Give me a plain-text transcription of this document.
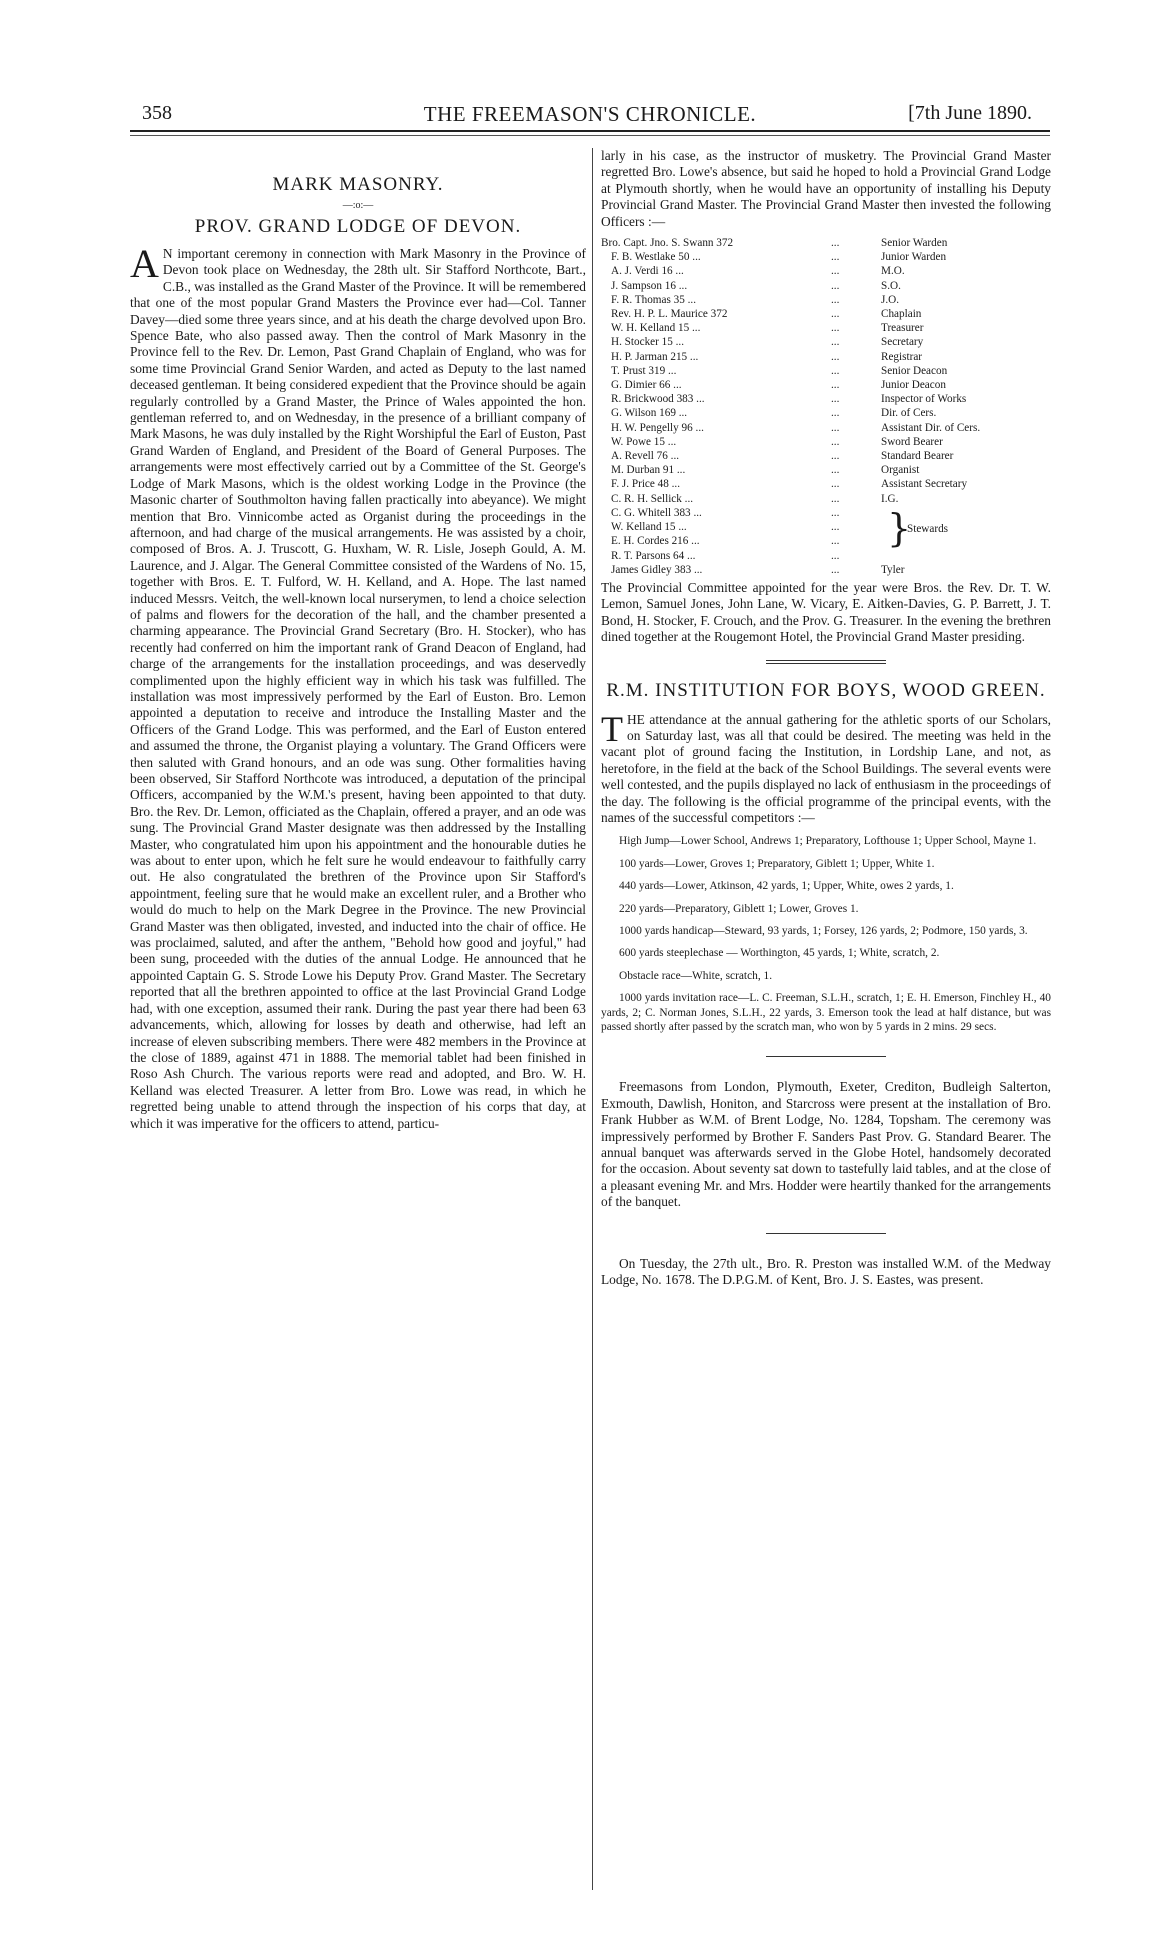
358	THE FREEMASON'S CHRONICLE.	[7th June 1890.
MARK MASONRY.
—:o:—
PROV. GRAND LODGE OF DEVON.

A N important ceremony in connection with Mark Masonry in the Province of Devon took place on Wednesday, the 28th ult. Sir Stafford Northcote, Bart., C.B., was installed as the Grand Master of the Province. It will be remembered that one of the most popular Grand Masters the Province ever had—Col. Tanner Davey—died some three years since, and at his death the charge devolved upon Bro. Spence Bate, who also passed away. Then the control of Mark Masonry in the Province fell to the Rev. Dr. Lemon, Past Grand Chaplain of England, who was for some time Provincial Grand Senior Warden, and acted as Deputy to the last named deceased gentleman. It being considered expedient that the Province should be again regularly controlled by a Grand Master, the Prince of Wales appointed the hon. gentleman referred to, and on Wednesday, in the presence of a brilliant company of Mark Masons, he was duly installed by the Right Worshipful the Earl of Euston, Past Grand Warden of England, and President of the Board of General Purposes. The arrangements were most effectively carried out by a Committee of the St. George's Lodge of Mark Masons, which is the oldest working Lodge in the Province (the Masonic charter of Southmolton having fallen practically into abeyance). We might mention that Bro. Vinnicombe acted as Organist during the proceedings in the afternoon, and had charge of the musical arrangements. He was assisted by a choir, composed of Bros. A. J. Truscott, G. Huxham, W. R. Lisle, Joseph Gould, A. M. Laurence, and J. Algar. The General Committee consisted of the Wardens of No. 15, together with Bros. E. T. Fulford, W. H. Kelland, and A. Hope. The last named induced Messrs. Veitch, the well-known local nurserymen, to lend a choice selection of palms and flowers for the decoration of the hall, and the chamber presented a charming appearance. The Provincial Grand Secretary (Bro. H. Stocker), who has recently had conferred on him the important rank of Grand Deacon of England, had charge of the arrangements for the installation proceedings, and was deservedly complimented upon the highly efficient way in which his task was fulfilled. The installation was most impressively performed by the Earl of Euston. Bro. Lemon appointed a deputation to receive and introduce the Installing Master and the Officers of the Grand Lodge. This was performed, and the Earl of Euston entered and assumed the throne, the Organist playing a voluntary. The Grand Officers were then saluted with Grand honours, and an ode was sung. Other formalities having been observed, Sir Stafford Northcote was introduced, a deputation of the principal Officers, accompanied by the W.M.'s present, having been appointed to that duty. Bro. the Rev. Dr. Lemon, officiated as the Chaplain, offered a prayer, and an ode was sung. The Provincial Grand Master designate was then addressed by the Installing Master, who congratulated him upon his appointment and the honourable duties he was about to enter upon, which he felt sure he would endeavour to faithfully carry out. He also congratulated the brethren of the Province upon Sir Stafford's appointment, feeling sure that he would make an excellent ruler, and a Brother who would do much to help on the Mark Degree in the Province. The new Provincial Grand Master was then obligated, invested, and inducted into the chair of office. He was proclaimed, saluted, and after the anthem, "Behold how good and joyful," had been sung, proceeded with the duties of the annual Lodge. He announced that he appointed Captain G. S. Strode Lowe his Deputy Prov. Grand Master. The Secretary reported that all the brethren appointed to office at the last Provincial Grand Lodge had, with one exception, assumed their rank. During the past year there had been 63 advancements, which, allowing for losses by death and otherwise, had left an increase of eleven subscribing members. There were 482 members in the Province at the close of 1889, against 471 in 1888. The memorial tablet had been finished in Roso Ash Church. The various reports were read and adopted, and Bro. W. H. Kelland was elected Treasurer. A letter from Bro. Lowe was read, in which he regretted being unable to attend through the inspection of his corps that day, at which it was imperative for the officers to attend, particu-

larly in his case, as the instructor of musketry. The Provincial Grand Master regretted Bro. Lowe's absence, but said he hoped to hold a Provincial Grand Lodge at Plymouth shortly, when he would have an opportunity of installing his Deputy Provincial Grand Master. The Provincial Grand Master then invested the following Officers :—

Bro. Capt. Jno. S. Swann 372	...	Senior Warden
F. B. Westlake 50 ...	...	Junior Warden
A. J. Verdi 16 ...	...	M.O.
J. Sampson 16 ...	...	S.O.
F. R. Thomas 35 ...	...	J.O.
Rev. H. P. L. Maurice 372	...	Chaplain
W. H. Kelland 15 ...	...	Treasurer
H. Stocker 15 ...	...	Secretary
H. P. Jarman 215 ...	...	Registrar
T. Prust 319 ...	...	Senior Deacon
G. Dimier 66 ...	...	Junior Deacon
R. Brickwood 383 ...	...	Inspector of Works
G. Wilson 169 ...	...	Dir. of Cers.
H. W. Pengelly 96 ...	...	Assistant Dir. of Cers.
W. Powe 15 ...	...	Sword Bearer
A. Revell 76 ...	...	Standard Bearer
M. Durban 91 ...	...	Organist
F. J. Price 48 ...	...	Assistant Secretary
C. R. H. Sellick ...	...	I.G.
C. G. Whitell 383 ...	...
W. Kelland 15 ...	...
E. H. Cordes 216 ...	...
R. T. Parsons 64 ...	...
}
Stewards
James Gidley 383 ...	...	Tyler

The Provincial Committee appointed for the year were Bros. the Rev. Dr. T. W. Lemon, Samuel Jones, John Lane, W. Vicary, E. Aitken-Davies, G. P. Barrett, J. T. Bond, H. Stocker, F. Crouch, and the Prov. G. Treasurer. In the evening the brethren dined together at the Rougemont Hotel, the Provincial Grand Master presiding.

R.M. INSTITUTION FOR BOYS, WOOD GREEN.

THE attendance at the annual gathering for the athletic sports of our Scholars, on Saturday last, was all that could be desired. The meeting was held in the vacant plot of ground facing the Institution, in Lordship Lane, and not, as heretofore, in the field at the back of the School Buildings. The several events were well contested, and the pupils displayed no lack of enthusiasm in the proceedings of the day. The following is the official programme of the principal events, with the names of the successful competitors :—

High Jump—Lower School, Andrews 1; Preparatory, Lofthouse 1; Upper School, Mayne 1.

100 yards—Lower, Groves 1; Preparatory, Giblett 1; Upper, White 1.

440 yards—Lower, Atkinson, 42 yards, 1; Upper, White, owes 2 yards, 1.

220 yards—Preparatory, Giblett 1; Lower, Groves 1.

1000 yards handicap—Steward, 93 yards, 1; Forsey, 126 yards, 2; Podmore, 150 yards, 3.

600 yards steeplechase — Worthington, 45 yards, 1; White, scratch, 2.

Obstacle race—White, scratch, 1.

1000 yards invitation race—L. C. Freeman, S.L.H., scratch, 1; E. H. Emerson, Finchley H., 40 yards, 2; C. Norman Jones, S.L.H., 22 yards, 3. Emerson took the lead at half distance, but was passed shortly after passed by the scratch man, who won by 5 yards in 2 mins. 29 secs.

Freemasons from London, Plymouth, Exeter, Crediton, Budleigh Salterton, Exmouth, Dawlish, Honiton, and Starcross were present at the installation of Bro. Frank Hubber as W.M. of Brent Lodge, No. 1284, Topsham. The ceremony was impressively performed by Brother F. Sanders Past Prov. G. Standard Bearer. The annual banquet was afterwards served in the Globe Hotel, handsomely decorated for the occasion. About seventy sat down to tastefully laid tables, and at the close of a pleasant evening Mr. and Mrs. Hodder were heartily thanked for the arrangements of the banquet.

On Tuesday, the 27th ult., Bro. R. Preston was installed W.M. of the Medway Lodge, No. 1678. The D.P.G.M. of Kent, Bro. J. S. Eastes, was present.
